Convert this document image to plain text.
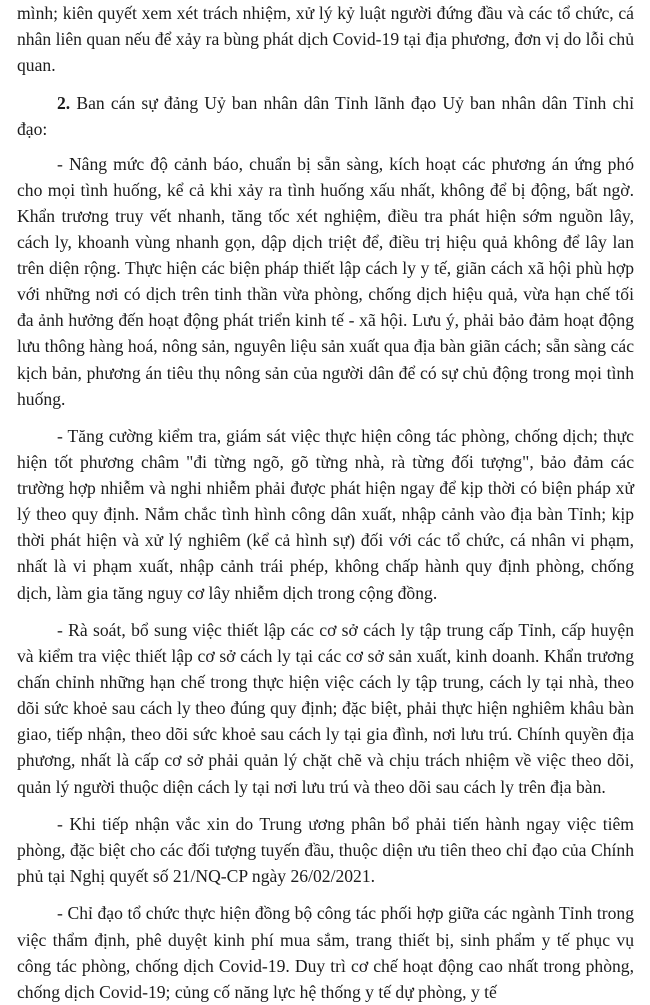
mình; kiên quyết xem xét trách nhiệm, xử lý kỷ luật người đứng đầu và các tổ chức, cá nhân liên quan nếu để xảy ra bùng phát dịch Covid-19 tại địa phương, đơn vị do lỗi chủ quan.

2. Ban cán sự đảng Uỷ ban nhân dân Tỉnh lãnh đạo Uỷ ban nhân dân Tỉnh chỉ đạo:

- Nâng mức độ cảnh báo, chuẩn bị sẵn sàng, kích hoạt các phương án ứng phó cho mọi tình huống, kể cả khi xảy ra tình huống xấu nhất, không để bị động, bất ngờ. Khẩn trương truy vết nhanh, tăng tốc xét nghiệm, điều tra phát hiện sớm nguồn lây, cách ly, khoanh vùng nhanh gọn, dập dịch triệt để, điều trị hiệu quả không để lây lan trên diện rộng. Thực hiện các biện pháp thiết lập cách ly y tế, giãn cách xã hội phù hợp với những nơi có dịch trên tinh thần vừa phòng, chống dịch hiệu quả, vừa hạn chế tối đa ảnh hưởng đến hoạt động phát triển kinh tế - xã hội. Lưu ý, phải bảo đảm hoạt động lưu thông hàng hoá, nông sản, nguyên liệu sản xuất qua địa bàn giãn cách; sẵn sàng các kịch bản, phương án tiêu thụ nông sản của người dân để có sự chủ động trong mọi tình huống.

- Tăng cường kiểm tra, giám sát việc thực hiện công tác phòng, chống dịch; thực hiện tốt phương châm "đi từng ngõ, gõ từng nhà, rà từng đối tượng", bảo đảm các trường hợp nhiễm và nghi nhiễm phải được phát hiện ngay để kịp thời có biện pháp xử lý theo quy định. Nắm chắc tình hình công dân xuất, nhập cảnh vào địa bàn Tỉnh; kịp thời phát hiện và xử lý nghiêm (kể cả hình sự) đối với các tổ chức, cá nhân vi phạm, nhất là vi phạm xuất, nhập cảnh trái phép, không chấp hành quy định phòng, chống dịch, làm gia tăng nguy cơ lây nhiễm dịch trong cộng đồng.

- Rà soát, bổ sung việc thiết lập các cơ sở cách ly tập trung cấp Tỉnh, cấp huyện và kiểm tra việc thiết lập cơ sở cách ly tại các cơ sở sản xuất, kinh doanh. Khẩn trương chấn chỉnh những hạn chế trong thực hiện việc cách ly tập trung, cách ly tại nhà, theo dõi sức khoẻ sau cách ly theo đúng quy định; đặc biệt, phải thực hiện nghiêm khâu bàn giao, tiếp nhận, theo dõi sức khoẻ sau cách ly tại gia đình, nơi lưu trú. Chính quyền địa phương, nhất là cấp cơ sở phải quản lý chặt chẽ và chịu trách nhiệm về việc theo dõi, quản lý người thuộc diện cách ly tại nơi lưu trú và theo dõi sau cách ly trên địa bàn.

- Khi tiếp nhận vắc xin do Trung ương phân bổ phải tiến hành ngay việc tiêm phòng, đặc biệt cho các đối tượng tuyến đầu, thuộc diện ưu tiên theo chỉ đạo của Chính phủ tại Nghị quyết số 21/NQ-CP ngày 26/02/2021.

- Chỉ đạo tổ chức thực hiện đồng bộ công tác phối hợp giữa các ngành Tỉnh trong việc thẩm định, phê duyệt kinh phí mua sắm, trang thiết bị, sinh phẩm y tế phục vụ công tác phòng, chống dịch Covid-19. Duy trì cơ chế hoạt động cao nhất trong phòng, chống dịch Covid-19; củng cố năng lực hệ thống y tế dự phòng, y tế
